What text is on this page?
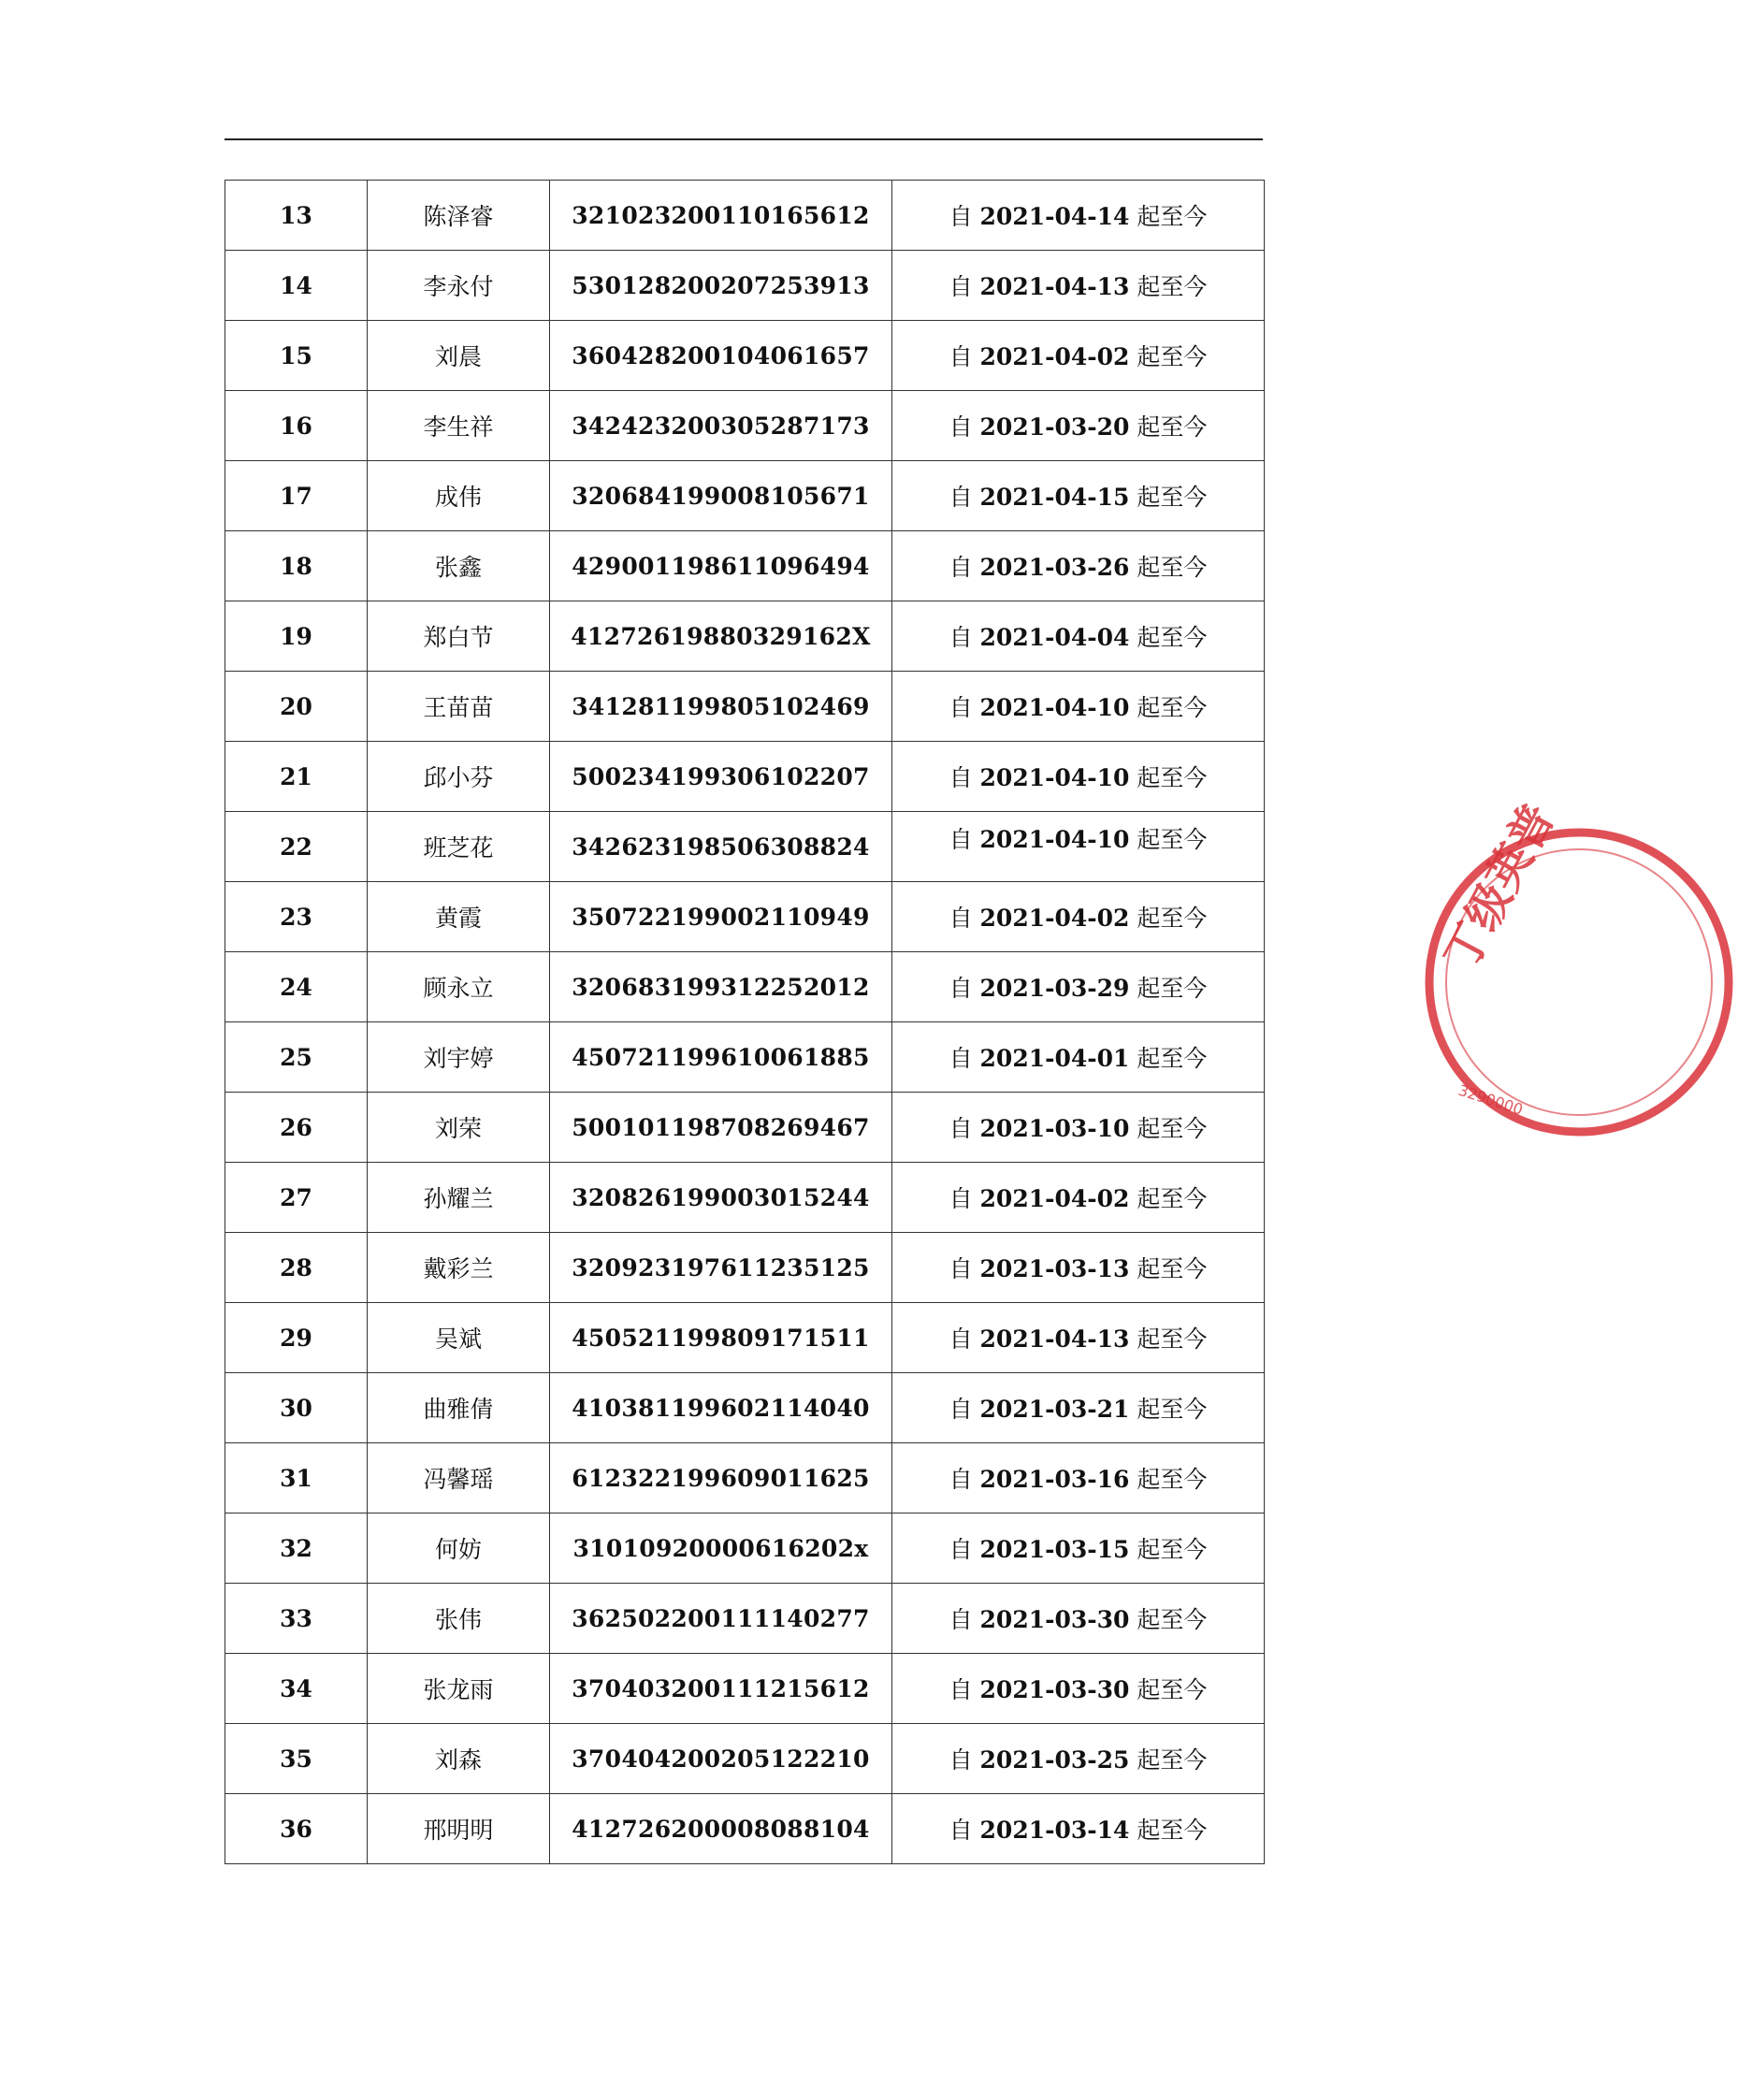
13	陈泽睿	321023200110165612	自 2021-04-14 起至今
14	李永付	530128200207253913	自 2021-04-13 起至今
15	刘晨	360428200104061657	自 2021-04-02 起至今
16	李生祥	342423200305287173	自 2021-03-20 起至今
17	成伟	320684199008105671	自 2021-04-15 起至今
18	张鑫	429001198611096494	自 2021-03-26 起至今
19	郑白节	41272619880329162X	自 2021-04-04 起至今
20	王苗苗	341281199805102469	自 2021-04-10 起至今
21	邱小芬	500234199306102207	自 2021-04-10 起至今
22	班芝花	342623198506308824	自 2021-04-10 起至今
23	黄霞	350722199002110949	自 2021-04-02 起至今
24	顾永立	320683199312252012	自 2021-03-29 起至今
25	刘宇婷	450721199610061885	自 2021-04-01 起至今
26	刘荣	500101198708269467	自 2021-03-10 起至今
27	孙耀兰	320826199003015244	自 2021-04-02 起至今
28	戴彩兰	320923197611235125	自 2021-03-13 起至今
29	吴斌	450521199809171511	自 2021-04-13 起至今
30	曲雅倩	410381199602114040	自 2021-03-21 起至今
31	冯馨瑶	612322199609011625	自 2021-03-16 起至今
32	何妨	31010920000616202x	自 2021-03-15 起至今
33	张伟	362502200111140277	自 2021-03-30 起至今
34	张龙雨	370403200111215612	自 2021-03-30 起至今
35	刘森	370404200205122210	自 2021-03-25 起至今
36	邢明明	412726200008088104	自 2021-03-14 起至今
丁级英普
3290000
